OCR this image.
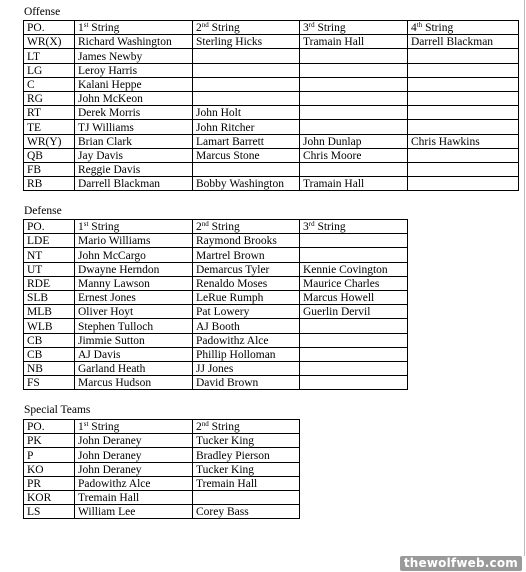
Offense
PO.	1st String	2nd String	3rd String	4th String
WR(X)	Richard Washington	Sterling Hicks	Tramain Hall	Darrell Blackman
LT	James Newby			
LG	Leroy Harris			
C	Kalani Heppe			
RG	John McKeon			
RT	Derek Morris	John Holt		
TE	TJ Williams	John Ritcher		
WR(Y)	Brian Clark	Lamart Barrett	John Dunlap	Chris Hawkins
QB	Jay Davis	Marcus Stone	Chris Moore	
FB	Reggie Davis			
RB	Darrell Blackman	Bobby Washington	Tramain Hall	
Defense
PO.	1st String	2nd String	3rd String
LDE	Mario Williams	Raymond Brooks	
NT	John McCargo	Martrel Brown	
UT	Dwayne Herndon	Demarcus Tyler	Kennie Covington
RDE	Manny Lawson	Renaldo Moses	Maurice Charles
SLB	Ernest Jones	LeRue Rumph	Marcus Howell
MLB	Oliver Hoyt	Pat Lowery	Guerlin Dervil
WLB	Stephen Tulloch	AJ Booth	
CB	Jimmie Sutton	Padowithz Alce	
CB	AJ Davis	Phillip Holloman	
NB	Garland Heath	JJ Jones	
FS	Marcus Hudson	David Brown	
Special Teams
PO.	1st String	2nd String
PK	John Deraney	Tucker King
P	John Deraney	Bradley Pierson
KO	John Deraney	Tucker King
PR	Padowithz Alce	Tremain Hall
KOR	Tremain Hall	
LS	William Lee	Corey Bass
thewolfweb.com
